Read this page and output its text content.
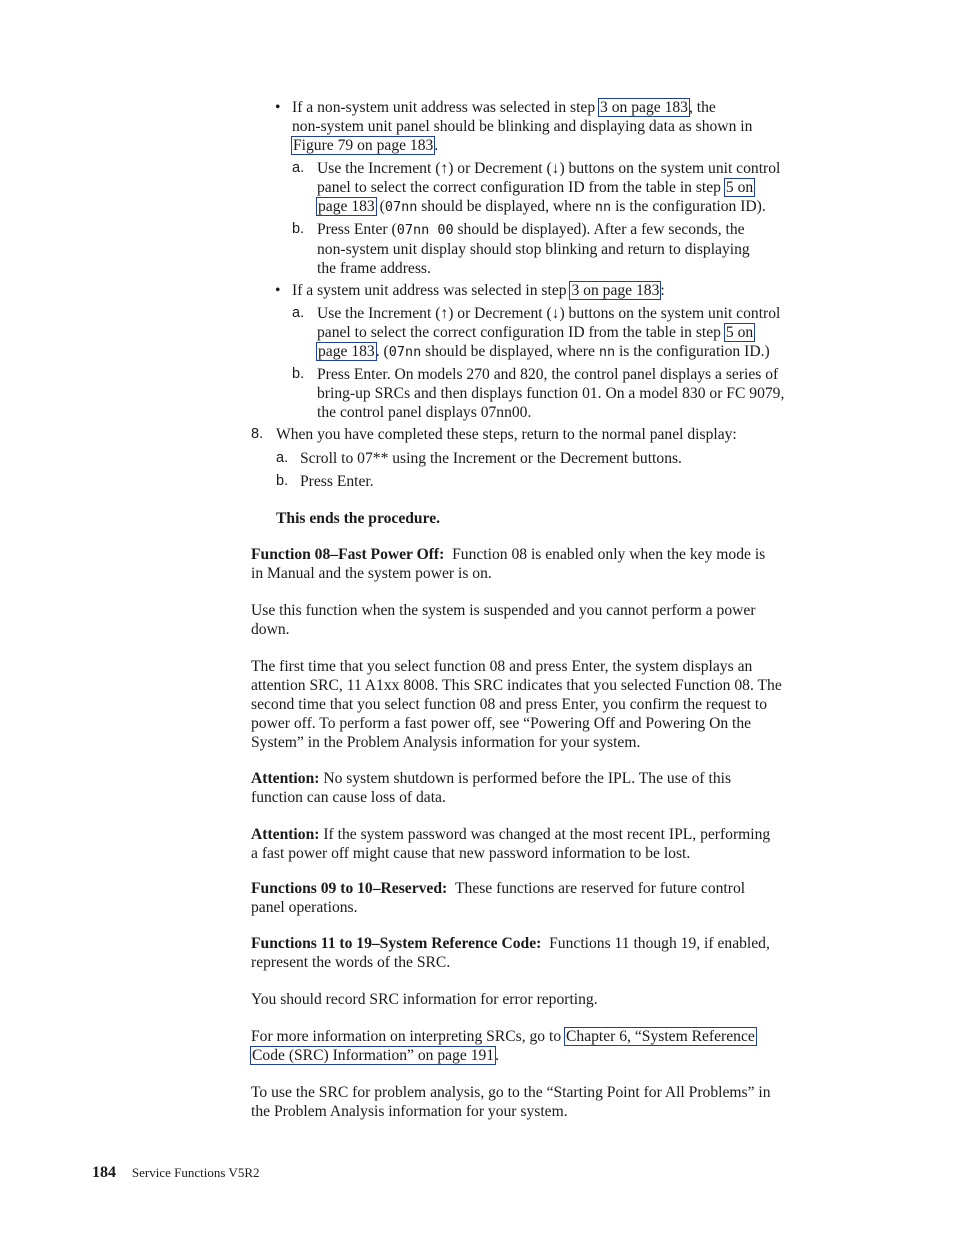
• If a non-system unit address was selected in step 3 on page 183, the
non-system unit panel should be blinking and displaying data as shown in
Figure 79 on page 183.
a. Use the Increment (↑) or Decrement (↓) buttons on the system unit control
panel to select the correct configuration ID from the table in step 5 on
page 183 (07nn should be displayed, where nn is the configuration ID).
b. Press Enter (07nn 00 should be displayed). After a few seconds, the
non-system unit display should stop blinking and return to displaying
the frame address.
• If a system unit address was selected in step 3 on page 183:
a. Use the Increment (↑) or Decrement (↓) buttons on the system unit control
panel to select the correct configuration ID from the table in step 5 on
page 183. (07nn should be displayed, where nn is the configuration ID.)
b. Press Enter. On models 270 and 820, the control panel displays a series of
bring-up SRCs and then displays function 01. On a model 830 or FC 9079,
the control panel displays 07nn00.
8. When you have completed these steps, return to the normal panel display:
a. Scroll to 07** using the Increment or the Decrement buttons.
b. Press Enter.
This ends the procedure.
Function 08–Fast Power Off: Function 08 is enabled only when the key mode is
in Manual and the system power is on.
Use this function when the system is suspended and you cannot perform a power
down.
The first time that you select function 08 and press Enter, the system displays an
attention SRC, 11 A1xx 8008. This SRC indicates that you selected Function 08. The
second time that you select function 08 and press Enter, you confirm the request to
power off. To perform a fast power off, see “Powering Off and Powering On the
System” in the Problem Analysis information for your system.
Attention: No system shutdown is performed before the IPL. The use of this
function can cause loss of data.
Attention: If the system password was changed at the most recent IPL, performing
a fast power off might cause that new password information to be lost.
Functions 09 to 10–Reserved: These functions are reserved for future control
panel operations.
Functions 11 to 19–System Reference Code: Functions 11 though 19, if enabled,
represent the words of the SRC.
You should record SRC information for error reporting.
For more information on interpreting SRCs, go to Chapter 6, “System Reference
Code (SRC) Information” on page 191.
To use the SRC for problem analysis, go to the “Starting Point for All Problems” in
the Problem Analysis information for your system.
184 Service Functions V5R2
